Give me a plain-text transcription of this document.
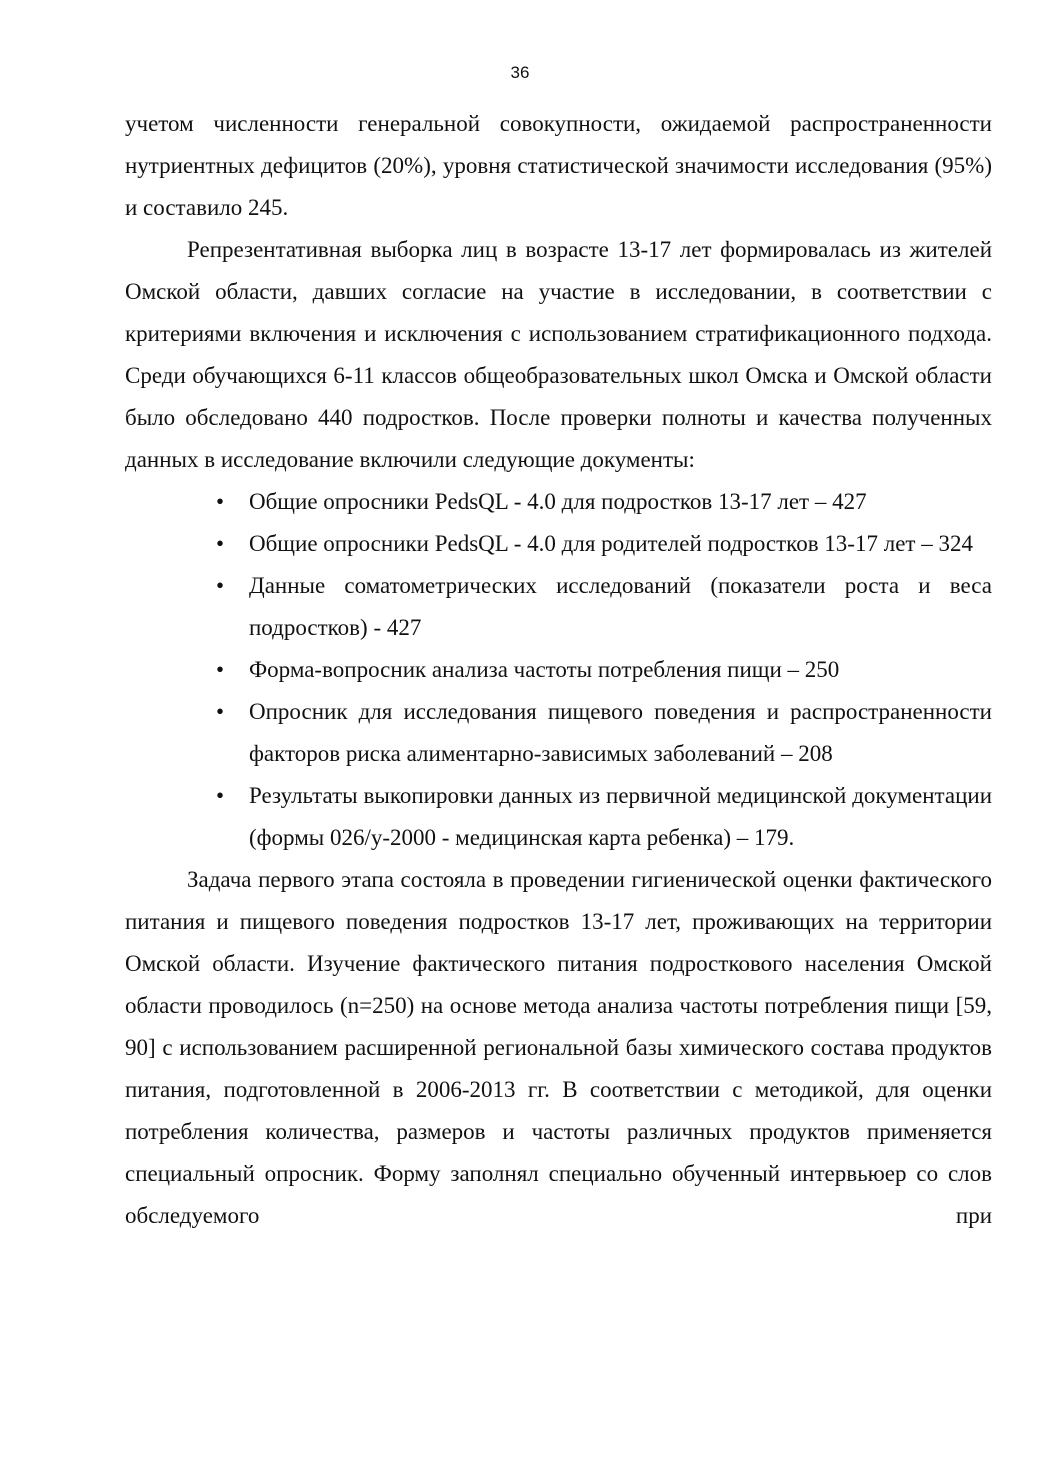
36

учетом численности генеральной совокупности, ожидаемой распространенности нутриентных дефицитов (20%), уровня статистической значимости исследования (95%) и составило 245.

Репрезентативная выборка лиц в возрасте 13-17 лет формировалась из жителей Омской области, давших согласие на участие в исследовании, в соответствии с критериями включения и исключения с использованием стратификационного подхода. Среди обучающихся 6-11 классов общеобразовательных школ Омска и Омской области было обследовано 440 подростков. После проверки полноты и качества полученных данных в исследование включили следующие документы:

• Общие опросники PedsQL - 4.0 для подростков 13-17 лет – 427
• Общие опросники PedsQL - 4.0 для родителей подростков 13-17 лет – 324
• Данные соматометрических исследований (показатели роста и веса подростков) - 427
• Форма-вопросник анализа частоты потребления пищи – 250
• Опросник для исследования пищевого поведения и распространенности факторов риска алиментарно-зависимых заболеваний – 208
• Результаты выкопировки данных из первичной медицинской документации (формы 026/у-2000 - медицинская карта ребенка) – 179.

Задача первого этапа состояла в проведении гигиенической оценки фактического питания и пищевого поведения подростков 13-17 лет, проживающих на территории Омской области. Изучение фактического питания подросткового населения Омской области проводилось (n=250) на основе метода анализа частоты потребления пищи [59, 90] с использованием расширенной региональной базы химического состава продуктов питания, подготовленной в 2006-2013 гг. В соответствии с методикой, для оценки потребления количества, размеров и частоты различных продуктов применяется специальный опросник. Форму заполнял специально обученный интервьюер со слов обследуемого при
